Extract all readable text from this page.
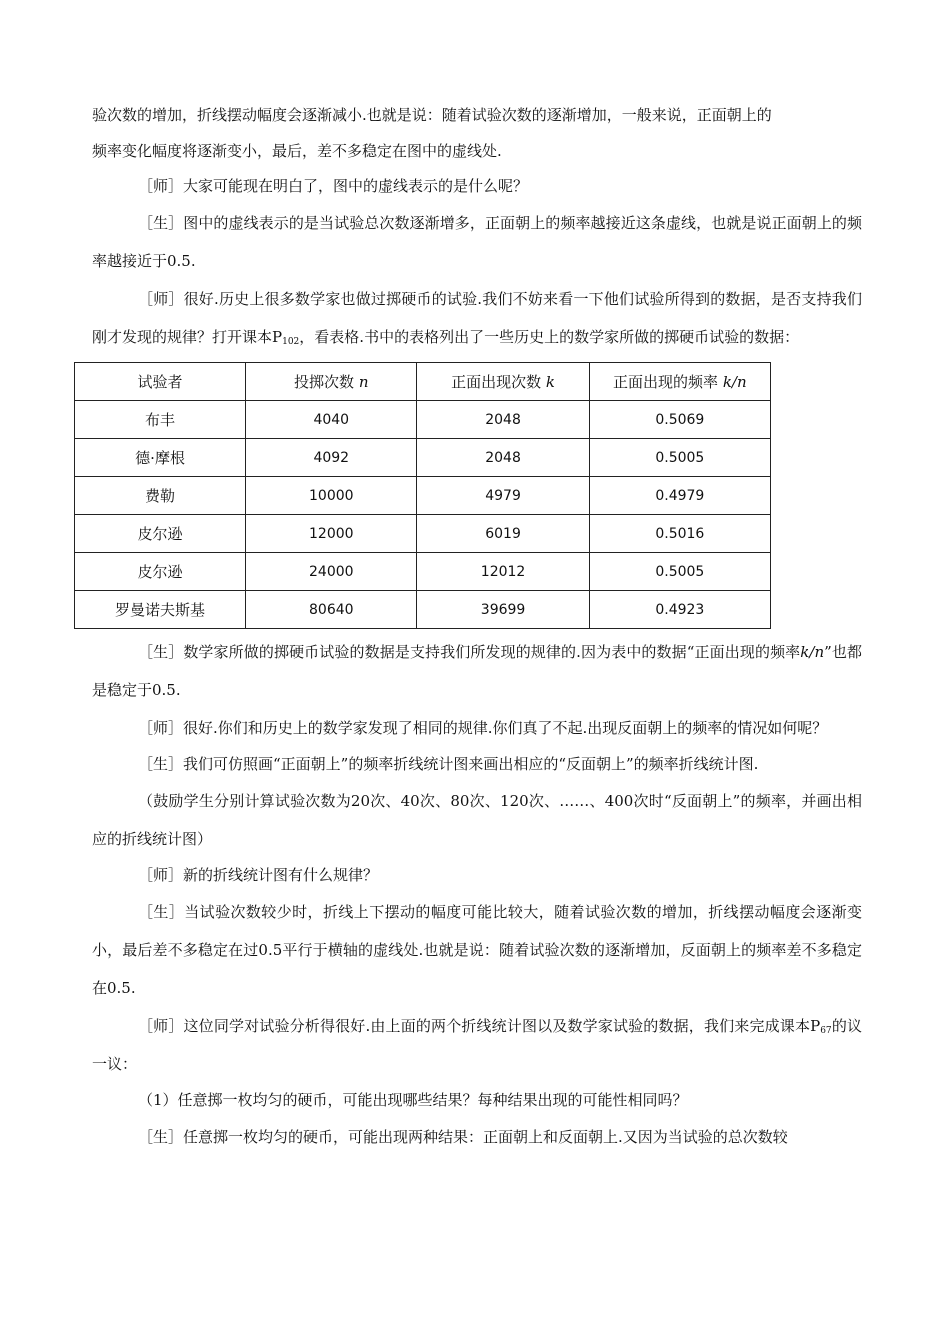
验次数的增加，折线摆动幅度会逐渐减小.也就是说：随着试验次数的逐渐增加，一般来说，正面朝上的

频率变化幅度将逐渐变小，最后，差不多稳定在图中的虚线处.

［师］大家可能现在明白了，图中的虚线表示的是什么呢？

［生］图中的虚线表示的是当试验总次数逐渐增多，正面朝上的频率越接近这条虚线，也就是说正面朝上的频率越接近于0.5.

［师］很好.历史上很多数学家也做过掷硬币的试验.我们不妨来看一下他们试验所得到的数据，是否支持我们刚才发现的规律？打开课本$P_{102}$，看表格.书中的表格列出了一些历史上的数学家所做的掷硬币试验的数据：

试验者	投掷次数 n	正面出现次数 k	正面出现的频率 k/n
布丰	4040	2048	0.5069
德·摩根	4092	2048	0.5005
费勒	10000	4979	0.4979
皮尔逊	12000	6019	0.5016
皮尔逊	24000	12012	0.5005
罗曼诺夫斯基	80640	39699	0.4923

［生］数学家所做的掷硬币试验的数据是支持我们所发现的规律的.因为表中的数据“正面出现的频率k/n”也都是稳定于0.5.

［师］很好.你们和历史上的数学家发现了相同的规律.你们真了不起.出现反面朝上的频率的情况如何呢？

［生］我们可仿照画“正面朝上”的频率折线统计图来画出相应的“反面朝上”的频率折线统计图.

（鼓励学生分别计算试验次数为20次、40次、80次、120次、……、400次时“反面朝上”的频率，并画出相应的折线统计图）

［师］新的折线统计图有什么规律？

［生］当试验次数较少时，折线上下摆动的幅度可能比较大，随着试验次数的增加，折线摆动幅度会逐渐变小，最后差不多稳定在过0.5平行于横轴的虚线处.也就是说：随着试验次数的逐渐增加，反面朝上的频率差不多稳定在0.5.

［师］这位同学对试验分析得很好.由上面的两个折线统计图以及数学家试验的数据，我们来完成课本$P_{67}$的议一议：

（1）任意掷一枚均匀的硬币，可能出现哪些结果？每种结果出现的可能性相同吗？

［生］任意掷一枚均匀的硬币，可能出现两种结果：正面朝上和反面朝上.又因为当试验的总次数较
